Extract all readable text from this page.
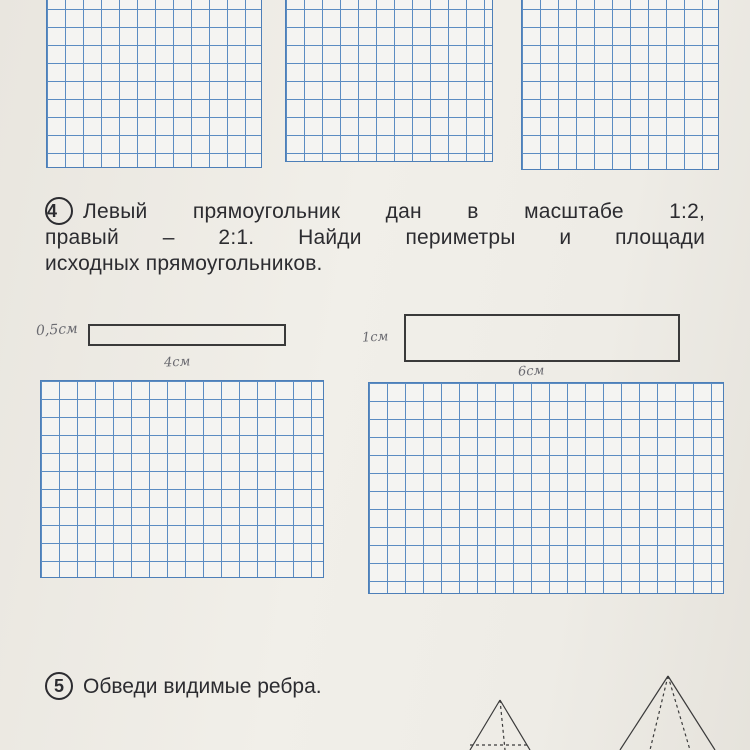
4 Левый прямоугольник дан в масштабе 1:2,
правый – 2:1. Найди периметры и площади
исходных прямоугольников.
0,5см
4см
1см
6см
5 Обведи видимые ребра.
